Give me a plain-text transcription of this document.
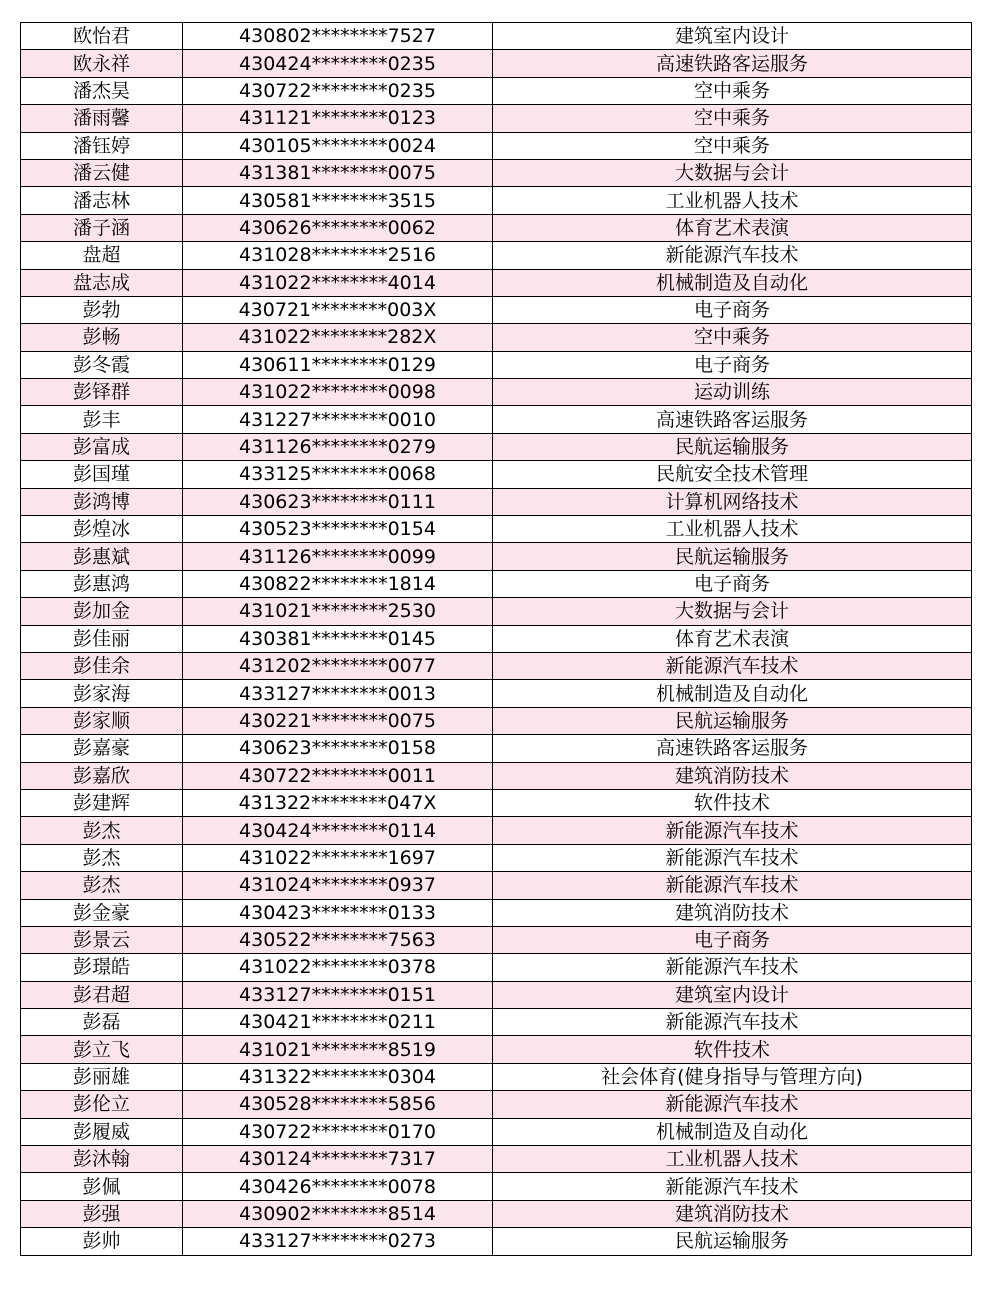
欧怡君	430802********7527	建筑室内设计
欧永祥	430424********0235	高速铁路客运服务
潘杰昊	430722********0235	空中乘务
潘雨馨	431121********0123	空中乘务
潘钰婷	430105********0024	空中乘务
潘云健	431381********0075	大数据与会计
潘志林	430581********3515	工业机器人技术
潘子涵	430626********0062	体育艺术表演
盘超	431028********2516	新能源汽车技术
盘志成	431022********4014	机械制造及自动化
彭勃	430721********003X	电子商务
彭畅	431022********282X	空中乘务
彭冬霞	430611********0129	电子商务
彭铎群	431022********0098	运动训练
彭丰	431227********0010	高速铁路客运服务
彭富成	431126********0279	民航运输服务
彭国瑾	433125********0068	民航安全技术管理
彭鸿博	430623********0111	计算机网络技术
彭煌冰	430523********0154	工业机器人技术
彭惠斌	431126********0099	民航运输服务
彭惠鸿	430822********1814	电子商务
彭加金	431021********2530	大数据与会计
彭佳丽	430381********0145	体育艺术表演
彭佳余	431202********0077	新能源汽车技术
彭家海	433127********0013	机械制造及自动化
彭家顺	430221********0075	民航运输服务
彭嘉豪	430623********0158	高速铁路客运服务
彭嘉欣	430722********0011	建筑消防技术
彭建辉	431322********047X	软件技术
彭杰	430424********0114	新能源汽车技术
彭杰	431022********1697	新能源汽车技术
彭杰	431024********0937	新能源汽车技术
彭金豪	430423********0133	建筑消防技术
彭景云	430522********7563	电子商务
彭璟皓	431022********0378	新能源汽车技术
彭君超	433127********0151	建筑室内设计
彭磊	430421********0211	新能源汽车技术
彭立飞	431021********8519	软件技术
彭丽雄	431322********0304	社会体育(健身指导与管理方向)
彭伦立	430528********5856	新能源汽车技术
彭履威	430722********0170	机械制造及自动化
彭沐翰	430124********7317	工业机器人技术
彭佩	430426********0078	新能源汽车技术
彭强	430902********8514	建筑消防技术
彭帅	433127********0273	民航运输服务
